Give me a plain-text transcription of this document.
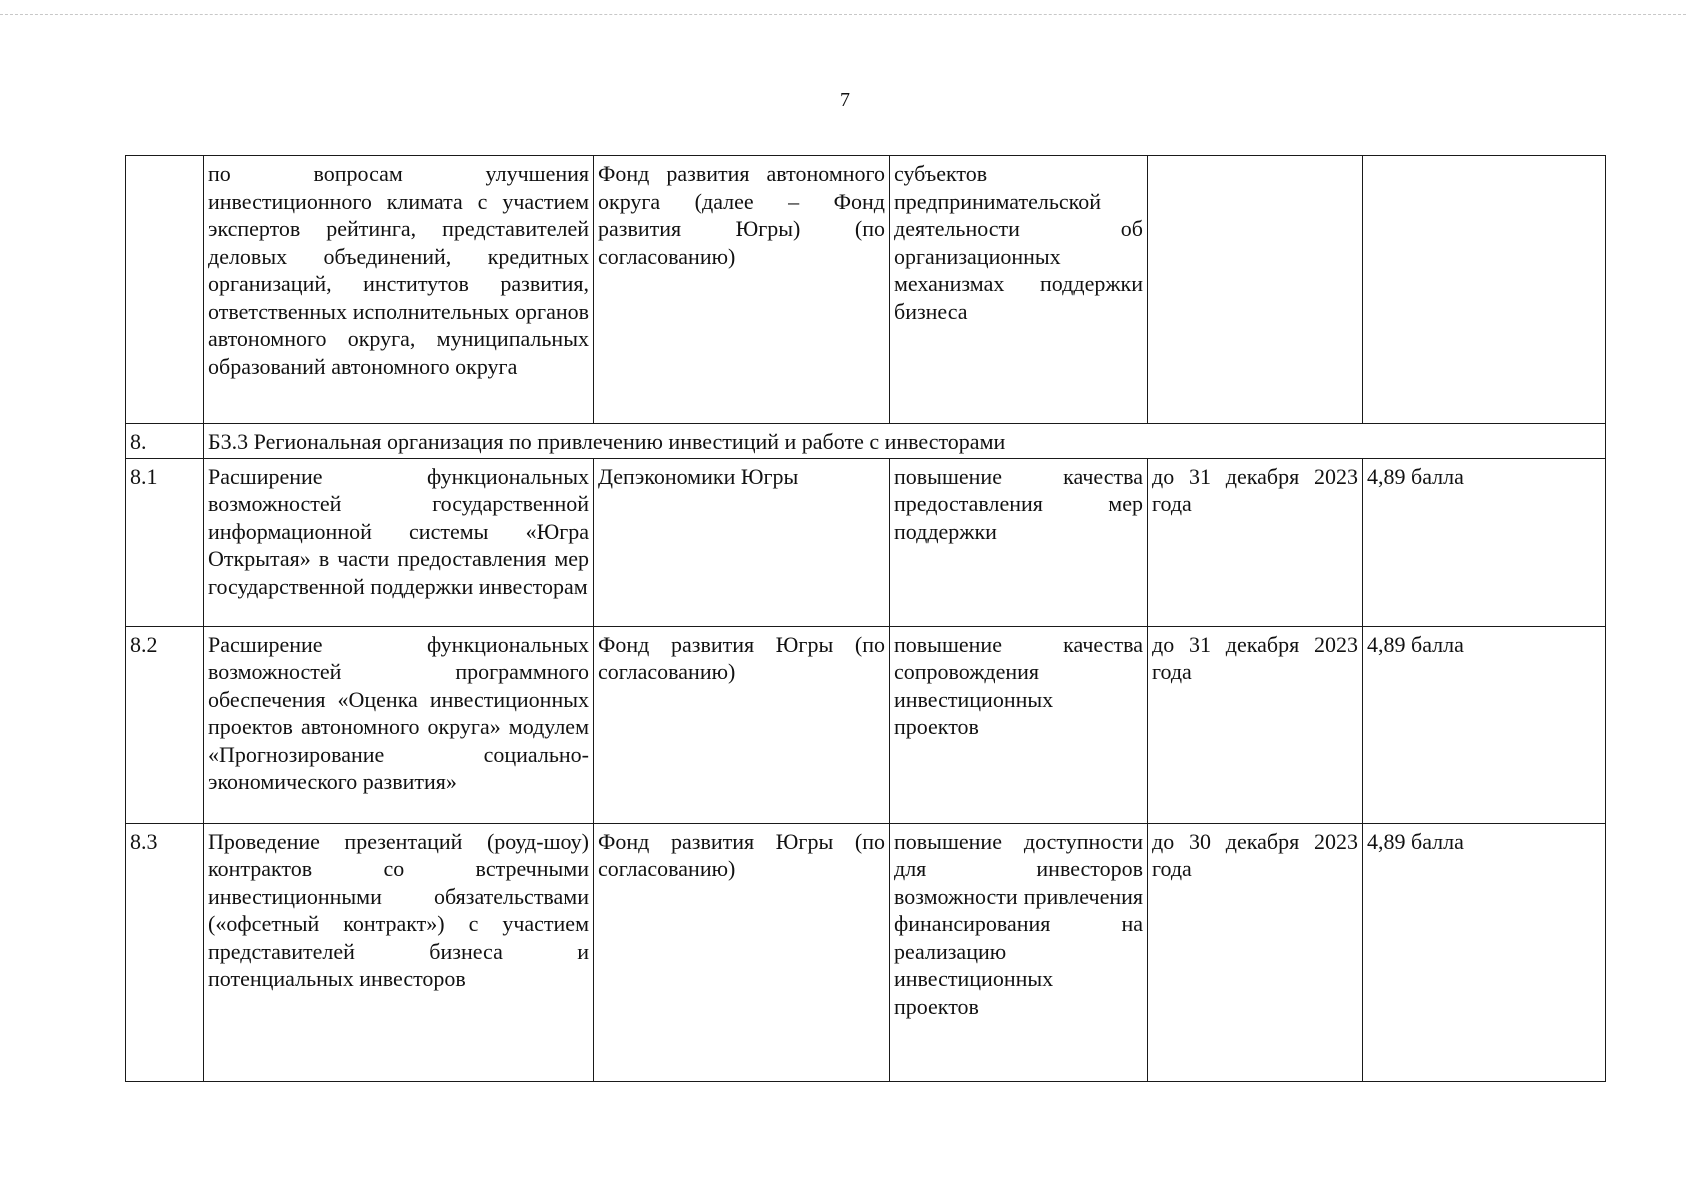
7
	по вопросам улучшения инвестиционного климата с участием экспертов рейтинга, представителей деловых объединений, кредитных организаций, институтов развития, ответственных исполнительных органов автономного округа, муниципальных образований автономного округа	Фонд развития автономного округа (далее – Фонд развития Югры) (по согласованию)	субъектов предпринимательской деятельности об организационных механизмах поддержки бизнеса		
8.	Б3.3 Региональная организация по привлечению инвестиций и работе с инвесторами				
8.1	Расширение функциональных возможностей государственной информационной системы «Югра Открытая» в части предоставления мер государственной поддержки инвесторам	Депэкономики Югры	повышение качества предоставления мер поддержки	до 31 декабря 2023 года	4,89 балла
8.2	Расширение функциональных возможностей программного обеспечения «Оценка инвестиционных проектов автономного округа» модулем «Прогнозирование социально-экономического развития»	Фонд развития Югры (по согласованию)	повышение качества сопровождения инвестиционных проектов	до 31 декабря 2023 года	4,89 балла
8.3	Проведение презентаций (роуд-шоу) контрактов со встречными инвестиционными обязательствами («офсетный контракт») с участием представителей бизнеса и потенциальных инвесторов	Фонд развития Югры (по согласованию)	повышение доступности для инвесторов возможности привлечения финансирования на реализацию инвестиционных проектов	до 30 декабря 2023 года	4,89 балла
